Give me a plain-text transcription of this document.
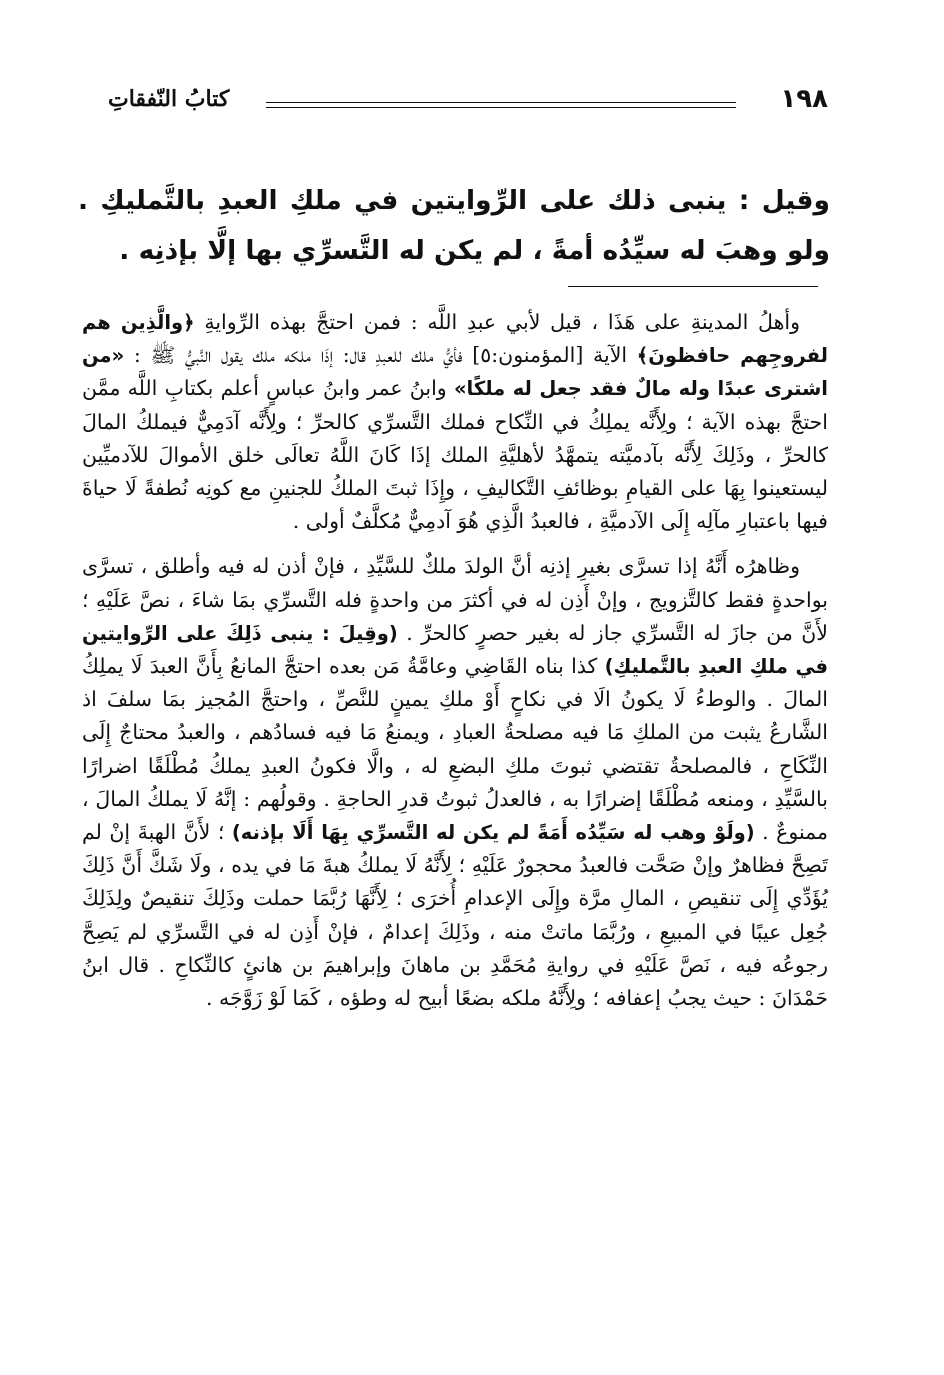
١٩٨
كتابُ النّفقاتِ
وقيل : ينبى ذلك على الرِّوايتين في ملكِ العبدِ بالتَّمليكِ . ولو وهبَ له سيِّدُه أمةً ، لم يكن له التَّسرِّي بها إلَّا بإذنِه .

وأهلُ المدينةِ على هَذَا ، قيل لأبي عبدِ اللَّه : فمن احتجَّ بهذه الرِّوايةِ ﴿والَّذِين هم لفروجِهم حافظونَ﴾ الآية [المؤمنون:٥] فأيُّ ملك للعبدِ قال: إذَا ملكه ملك يقول النَّبيُّ ﷺ : «من اشترى عبدًا وله مالٌ فقد جعل له ملكًا» وابنُ عمر وابنُ عباسٍ أعلم بكتابِ اللَّه ممَّن احتجَّ بهذه الآية ؛ ولِأَنَّه يملِكُ في النِّكاح فملك التَّسرِّي كالحرِّ ؛ ولِأَنَّه آدَمِيٌّ فيملكُ المالَ كالحرِّ ، وذَلِكَ لِأَنَّه بآدميَّته يتمهَّدُ لأهليَّةِ الملك إذَا كَانَ اللَّهُ تعالَى خلق الأموالَ للآدميِّين ليستعينوا بِهَا على القيامِ بوظائفِ التَّكاليفِ ، وإِذَا ثبتَ الملكُ للجنينِ مع كونِه نُطفةً لَا حياةَ فيها باعتبارِ مآلِه إِلَى الآدميَّةِ ، فالعبدُ الَّذِي هُوَ آدمِيٌّ مُكلَّفٌ أولى .

وظاهرُه أَنَّهُ إذا تسرَّى بغيرِ إذنِه أنَّ الولدَ ملكٌ للسَّيِّدِ ، فإنْ أذن له فيه وأطلق ، تسرَّى بواحدةٍ فقط كالتَّزويج ، وإنْ أَذِن له في أكثرَ من واحدةٍ فله التَّسرِّي بمَا شاءَ ، نصَّ عَلَيْهِ ؛ لأَنَّ من جازَ له التَّسرِّي جاز له بغير حصرٍ كالحرِّ . (وقِيلَ : ينبى ذَلِكَ على الرِّوايتين في ملكِ العبدِ بالتَّمليكِ) كذا بناه القَاضِي وعامَّةُ مَن بعده احتجَّ المانعُ بِأَنَّ العبدَ لَا يملِكُ المالَ . والوطءُ لَا يكونُ الَا في نكاحٍ أَوْ ملكِ يمينٍ للنَّصِّ ، واحتجَّ المُجيز بمَا سلفَ اذ الشَّارعُ يثبت من الملكِ مَا فيه مصلحةُ العبادِ ، ويمنعُ مَا فيه فسادُهم ، والعبدُ محتاجٌ إِلَى النِّكَاحِ ، فالمصلحةُ تقتضي ثبوتَ ملكِ البضعِ له ، والَّا فكونُ العبدِ يملكُ مُطْلَقًا اضرارًا بالسَّيِّدِ ، ومنعه مُطْلَقًا إضرارًا به ، فالعدلُ ثبوتُ قدرِ الحاجةِ . وقولُهم : إنَّهُ لَا يملكُ المالَ ، ممنوعٌ . (ولَوْ وهب له سَيِّدُه أَمَةً لم يكن له التَّسرِّي بِهَا أَلَا بإذنه) ؛ لأَنَّ الهبةَ إنْ لم تَصِحَّ فظاهرٌ وإنْ صَحَّت فالعبدُ محجورٌ عَلَيْهِ ؛ لِأَنَّهُ لَا يملكُ هبةَ مَا في يده ، ولَا شَكَّ أَنَّ ذَلِكَ يُؤَدِّي إِلَى تنقيصِ ، المالِ مرَّة وإِلَى الإعدامِ أُخرَى ؛ لِأَنَّهَا رُبَّمَا حملت وذَلِكَ تنقيصٌ ولِذَلِكَ جُعِل عيبًا في المبيعِ ، ورُبَّمَا ماتتْ منه ، وذَلِكَ إعدامٌ ، فإنْ أَذِن له في التَّسرِّي لم يَصِحَّ رجوعُه فيه ، نَصَّ عَلَيْهِ في روايةِ مُحَمَّدِ بن ماهانَ وإبراهيمَ بن هانئٍ كالنِّكاحِ . قال ابنُ حَمْدَانَ : حيث يجبُ إعفافه ؛ ولِأَنَّهُ ملكه بضعًا أبيح له وطؤه ، كَمَا لَوْ زَوَّجَه .
